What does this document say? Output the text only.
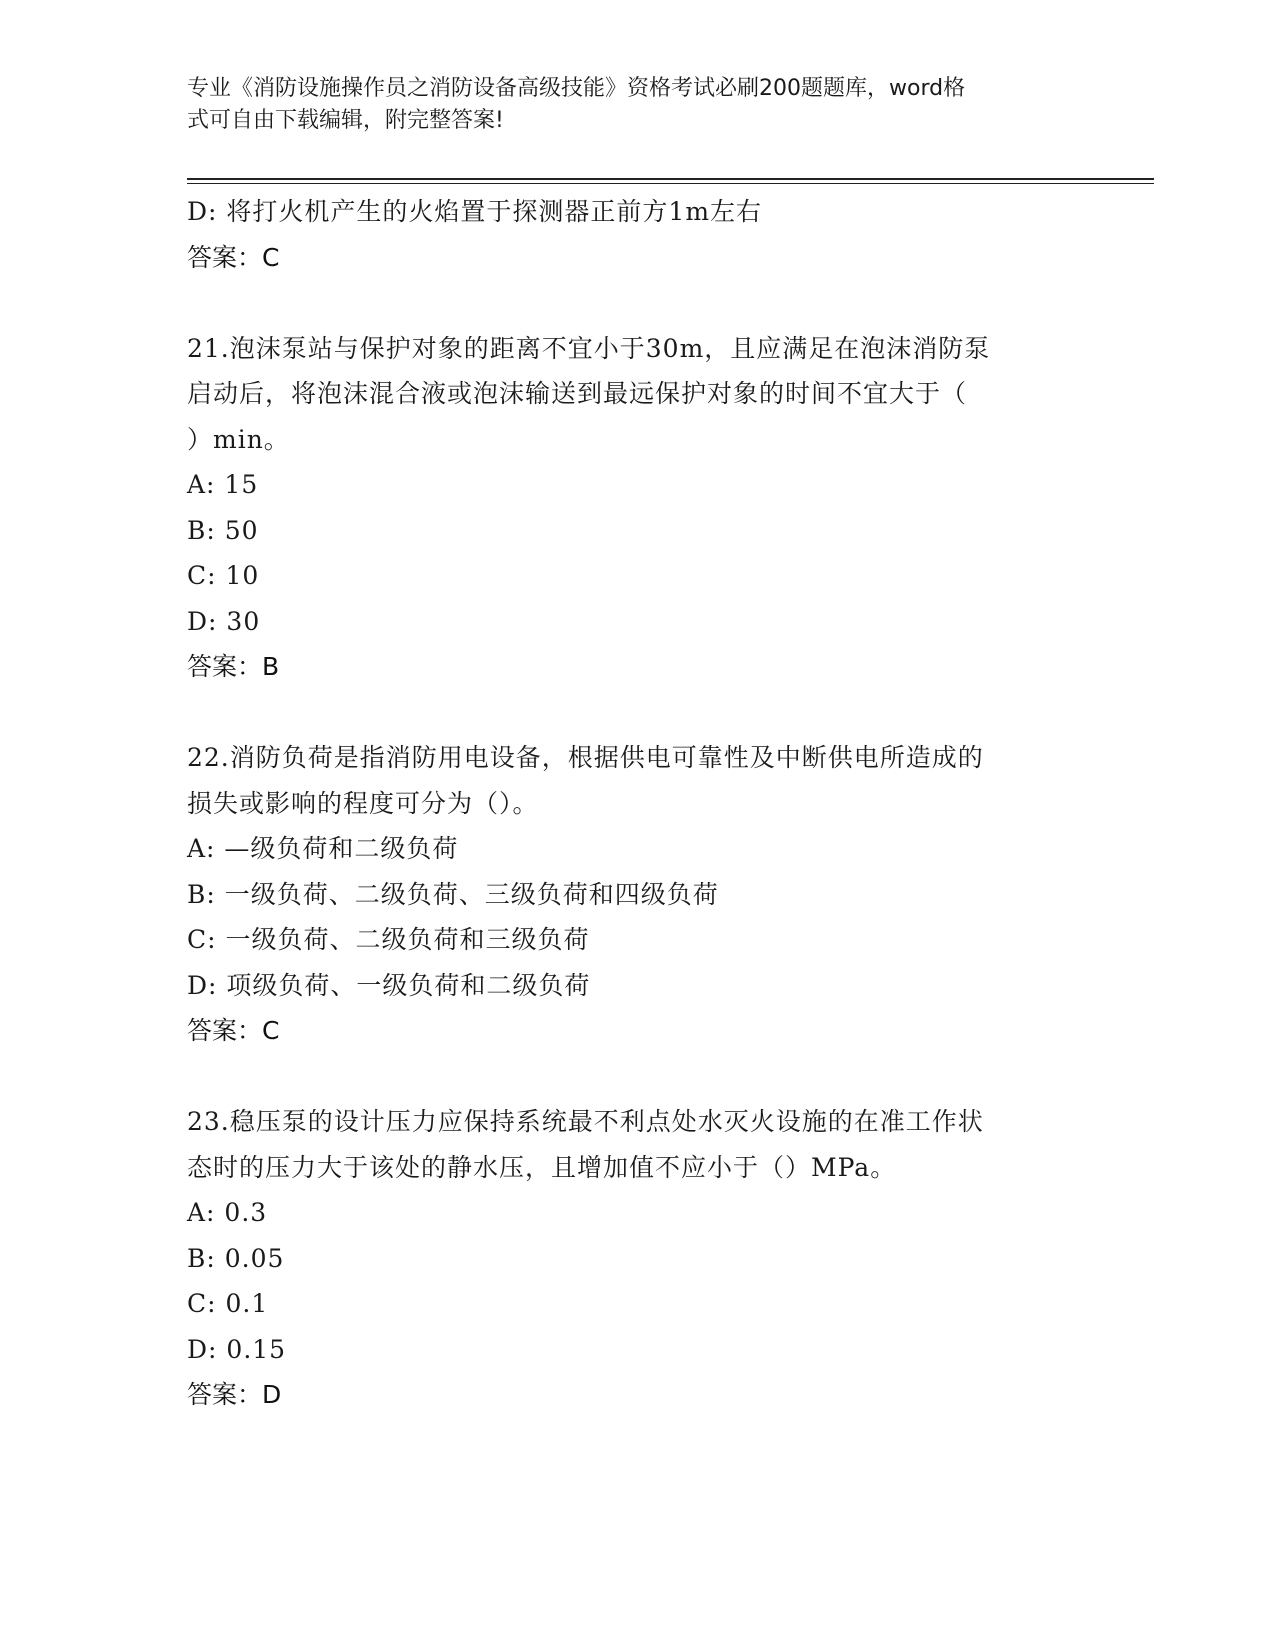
专业《消防设施操作员之消防设备高级技能》资格考试必刷200题题库，word格
式可自由下载编辑，附完整答案!
D: 将打火机产生的火焰置于探测器正前方1m左右
答案：C
21.泡沫泵站与保护对象的距离不宜小于30m，且应满足在泡沫消防泵
启动后，将泡沫混合液或泡沫输送到最远保护对象的时间不宜大于（
）min。
A: 15
B: 50
C: 10
D: 30
答案：B
22.消防负荷是指消防用电设备，根据供电可靠性及中断供电所造成的
损失或影响的程度可分为（）。
A: —级负荷和二级负荷
B: 一级负荷、二级负荷、三级负荷和四级负荷
C: 一级负荷、二级负荷和三级负荷
D: 项级负荷、一级负荷和二级负荷
答案：C
23.稳压泵的设计压力应保持系统最不利点处水灭火设施的在准工作状
态时的压力大于该处的静水压，且增加值不应小于（）MPa。
A: 0.3
B: 0.05
C: 0.1
D: 0.15
答案：D
